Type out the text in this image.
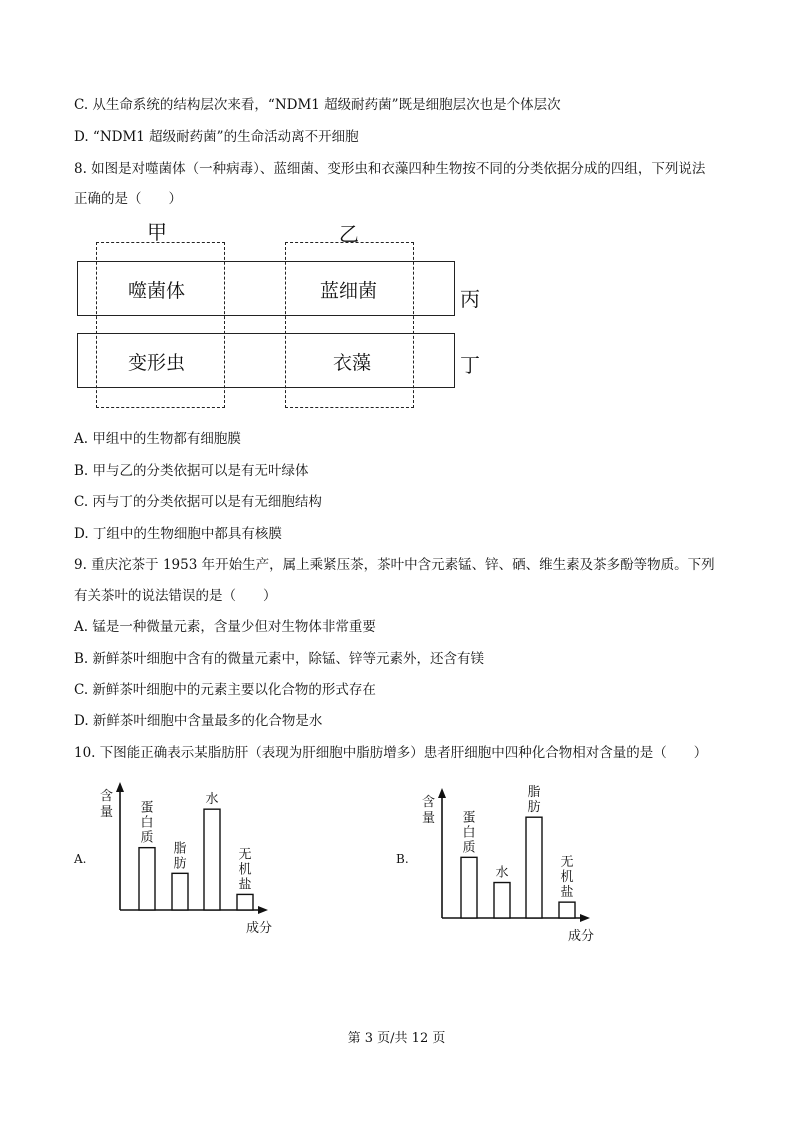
C. 从生命系统的结构层次来看，“NDM1 超级耐药菌”既是细胞层次也是个体层次
D. “NDM1 超级耐药菌”的生命活动离不开细胞
8. 如图是对噬菌体（一种病毒）、蓝细菌、变形虫和衣藻四种生物按不同的分类依据分成的四组，下列说法
正确的是（　　）
甲	乙
噬菌体	蓝细菌
变形虫	衣藻
丙
丁
A. 甲组中的生物都有细胞膜
B. 甲与乙的分类依据可以是有无叶绿体
C. 丙与丁的分类依据可以是有无细胞结构
D. 丁组中的生物细胞中都具有核膜
9. 重庆沱茶于 1953 年开始生产，属上乘紧压茶，茶叶中含元素锰、锌、硒、维生素及茶多酚等物质。下列
有关茶叶的说法错误的是（　　）
A. 锰是一种微量元素，含量少但对生物体非常重要
B. 新鲜茶叶细胞中含有的微量元素中，除锰、锌等元素外，还含有镁
C. 新鲜茶叶细胞中的元素主要以化合物的形式存在
D. 新鲜茶叶细胞中含量最多的化合物是水
10. 下图能正确表示某脂肪肝（表现为肝细胞中脂肪增多）患者肝细胞中四种化合物相对含量的是（　　）
A.	B.
含量
成分
蛋白质
脂肪
水
无机盐
含量
成分
蛋白质
水
脂肪
无机盐
第 3 页/共 12 页
